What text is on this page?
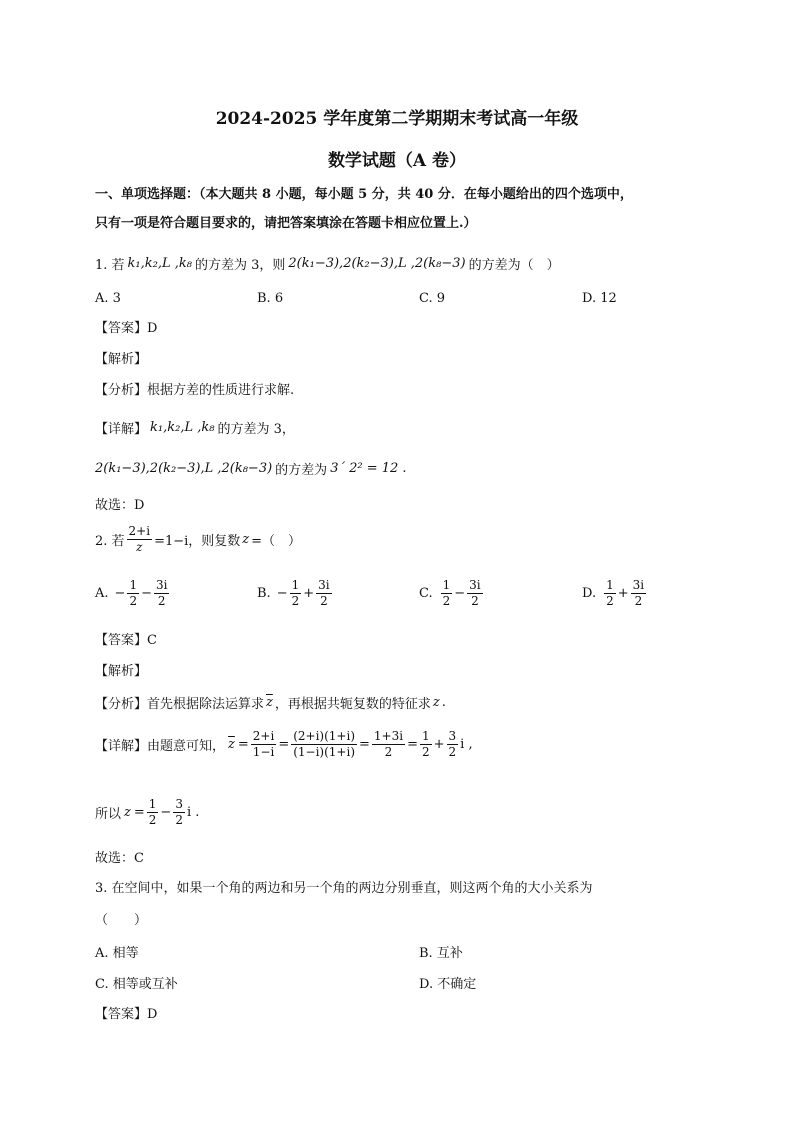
2024-2025 学年度第二学期期末考试高一年级
数学试题（A 卷）
一、单项选择题：（本大题共 8 小题，每小题 5 分，共 40 分．在每小题给出的四个选项中，
只有一项是符合题目要求的，请把答案填涂在答题卡相应位置上.）
1. 若 k₁,k₂,L ,k₈ 的方差为 3，则 2(k₁−3),2(k₂−3),L ,2(k₈−3) 的方差为（　）
A. 3	B. 6	C. 9	D. 12
【答案】D
【解析】
【分析】根据方差的性质进行求解.
【详解】 k₁,k₂,L ,k₈ 的方差为 3，
2(k₁−3),2(k₂−3),L ,2(k₈−3) 的方差为 3´ 2² = 12 .
故选：D
2. 若 $\frac{2+i}{z} =1-i$，则复数 z =（　）
A. − $\frac{1}{2} - \frac{3i}{2}$	B. − $\frac{1}{2} + \frac{3i}{2}$	C. $\frac{1}{2} - \frac{3i}{2}$	D. $\frac{1}{2} + \frac{3i}{2}$
【答案】C
【解析】
【分析】首先根据除法运算求 $\overline{z}$ ，再根据共轭复数的特征求 z .
【详解】由题意可知， $\overline{z} = \frac{2+i}{1-i} = \frac{(2+i)(1+i)}{(1-i)(1+i)} = \frac{1+3i}{2} = \frac{1}{2} + \frac{3}{2}$ i ,
所以 $z = \frac{1}{2} - \frac{3}{2}$ i .
故选：C
3. 在空间中，如果一个角的两边和另一个角的两边分别垂直，则这两个角的大小关系为
（　　）
A. 相等	B. 互补
C. 相等或互补	D. 不确定
【答案】D
